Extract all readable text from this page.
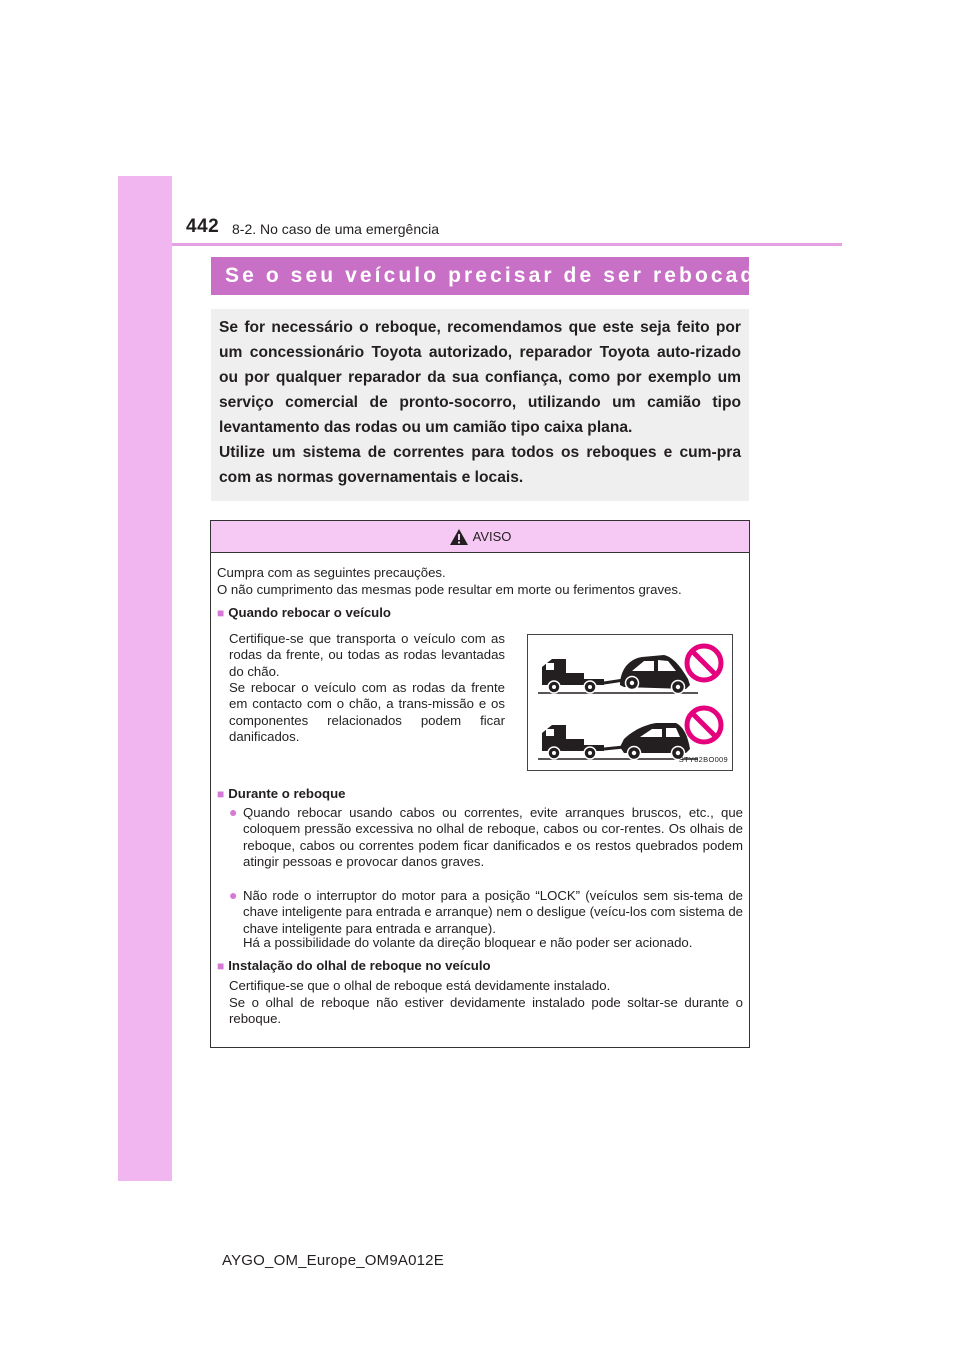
442 8-2. No caso de uma emergência
Se o seu veículo precisar de ser rebocado

Se for necessário o reboque, recomendamos que este seja feito por um concessionário Toyota autorizado, reparador Toyota auto-rizado ou por qualquer reparador da sua confiança, como por exemplo um serviço comercial de pronto-socorro, utilizando um camião tipo levantamento das rodas ou um camião tipo caixa plana.

Utilize um sistema de correntes para todos os reboques e cum-pra com as normas governamentais e locais.

AVISO
Cumpra com as seguintes precauções.
O não cumprimento das mesmas pode resultar em morte ou ferimentos graves.
■ Quando rebocar o veículo
Certifique-se que transporta o veículo com as rodas da frente, ou todas as rodas levantadas do chão.
Se rebocar o veículo com as rodas da frente em contacto com o chão, a trans-missão e os componentes relacionados podem ficar danificados.
STY82BO009
■ Durante o reboque
● Quando rebocar usando cabos ou correntes, evite arranques bruscos, etc., que coloquem pressão excessiva no olhal de reboque, cabos ou cor-rentes. Os olhais de reboque, cabos ou correntes podem ficar danificados e os restos quebrados podem atingir pessoas e provocar danos graves.
● Não rode o interruptor do motor para a posição “LOCK” (veículos sem sis-tema de chave inteligente para entrada e arranque) nem o desligue (veícu-los com sistema de chave inteligente para entrada e arranque).
Há a possibilidade do volante da direção bloquear e não poder ser acionado.
■ Instalação do olhal de reboque no veículo
Certifique-se que o olhal de reboque está devidamente instalado.
Se o olhal de reboque não estiver devidamente instalado pode soltar-se durante o reboque.
AYGO_OM_Europe_OM9A012E
